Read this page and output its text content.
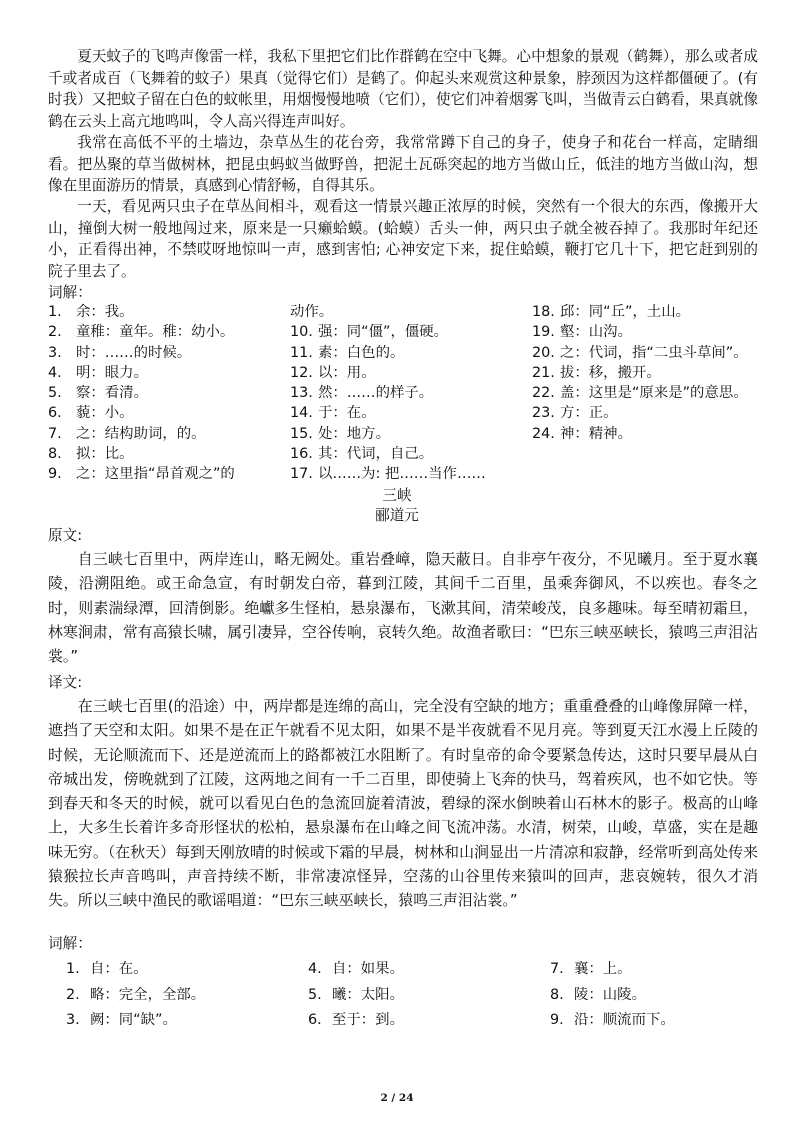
夏天蚊子的飞鸣声像雷一样，我私下里把它们比作群鹤在空中飞舞。心中想象的景观（鹤舞），那么或者成千或者成百（飞舞着的蚊子）果真（觉得它们）是鹤了。仰起头来观赏这种景象，脖颈因为这样都僵硬了。(有时我）又把蚊子留在白色的蚊帐里，用烟慢慢地喷（它们），使它们冲着烟雾飞叫，当做青云白鹤看，果真就像鹤在云头上高亢地鸣叫，令人高兴得连声叫好。

我常在高低不平的土墙边，杂草丛生的花台旁，我常常蹲下自己的身子，使身子和花台一样高，定睛细看。把丛聚的草当做树林，把昆虫蚂蚁当做野兽，把泥土瓦砾突起的地方当做山丘，低洼的地方当做山沟，想像在里面游历的情景，真感到心情舒畅，自得其乐。

一天，看见两只虫子在草丛间相斗，观看这一情景兴趣正浓厚的时候，突然有一个很大的东西，像搬开大山，撞倒大树一般地闯过来，原来是一只癞蛤蟆。(蛤蟆）舌头一伸，两只虫子就全被吞掉了。我那时年纪还小，正看得出神，不禁哎呀地惊叫一声，感到害怕; 心神安定下来，捉住蛤蟆，鞭打它几十下，把它赶到别的院子里去了。

词解：
1. 余：我。
2. 童稚：童年。稚：幼小。
3. 时：……的时候。
4. 明：眼力。
5. 察：看清。
6. 藐：小。
7. 之：结构助词，的。
8. 拟：比。
9. 之：这里指“昂首观之”的
动作。
10. 强：同“僵”，僵硬。
11. 素：白色的。
12. 以：用。
13. 然：……的样子。
14. 于：在。
15. 处：地方。
16. 其：代词，自己。
17. 以……为: 把……当作……
18. 邱：同“丘”，土山。
19. 壑：山沟。
20. 之：代词，指“二虫斗草间”。
21. 拔：移，搬开。
22. 盖：这里是“原来是”的意思。
23. 方：正。
24. 神：精神。
三峡
郦道元
原文:

自三峡七百里中，两岸连山，略无阙处。重岩叠嶂，隐天蔽日。自非亭午夜分，不见曦月。至于夏水襄陵，沿溯阻绝。或王命急宣，有时朝发白帝，暮到江陵，其间千二百里，虽乘奔御风，不以疾也。春冬之时，则素湍绿潭，回清倒影。绝巘多生怪柏，悬泉瀑布，飞漱其间，清荣峻茂，良多趣味。每至晴初霜旦，林寒涧肃，常有高猿长啸，属引凄异，空谷传响，哀转久绝。故渔者歌曰：“巴东三峡巫峡长，猿鸣三声泪沾裳。”

译文:

在三峡七百里(的沿途）中，两岸都是连绵的高山，完全没有空缺的地方；重重叠叠的山峰像屏障一样，遮挡了天空和太阳。如果不是在正午就看不见太阳，如果不是半夜就看不见月亮。等到夏天江水漫上丘陵的时候，无论顺流而下、还是逆流而上的路都被江水阻断了。有时皇帝的命令要紧急传达，这时只要早晨从白帝城出发，傍晚就到了江陵，这两地之间有一千二百里，即使骑上飞奔的快马，驾着疾风，也不如它快。等到春天和冬天的时候，就可以看见白色的急流回旋着清波，碧绿的深水倒映着山石林木的影子。极高的山峰上，大多生长着许多奇形怪状的松柏，悬泉瀑布在山峰之间飞流冲荡。水清，树荣，山峻，草盛，实在是趣味无穷。（在秋天）每到天刚放晴的时候或下霜的早晨，树林和山涧显出一片清凉和寂静，经常听到高处传来猿猴拉长声音鸣叫，声音持续不断，非常凄凉怪异，空荡的山谷里传来猿叫的回声，悲哀婉转，很久才消失。所以三峡中渔民的歌谣唱道：“巴东三峡巫峡长，猿鸣三声泪沾裳。”

词解：
1. 自：在。
2. 略：完全，全部。
3. 阙：同“缺”。
4. 自：如果。
5. 曦：太阳。
6. 至于：到。
7. 襄：上。
8. 陵：山陵。
9. 沿：顺流而下。
2 / 24
